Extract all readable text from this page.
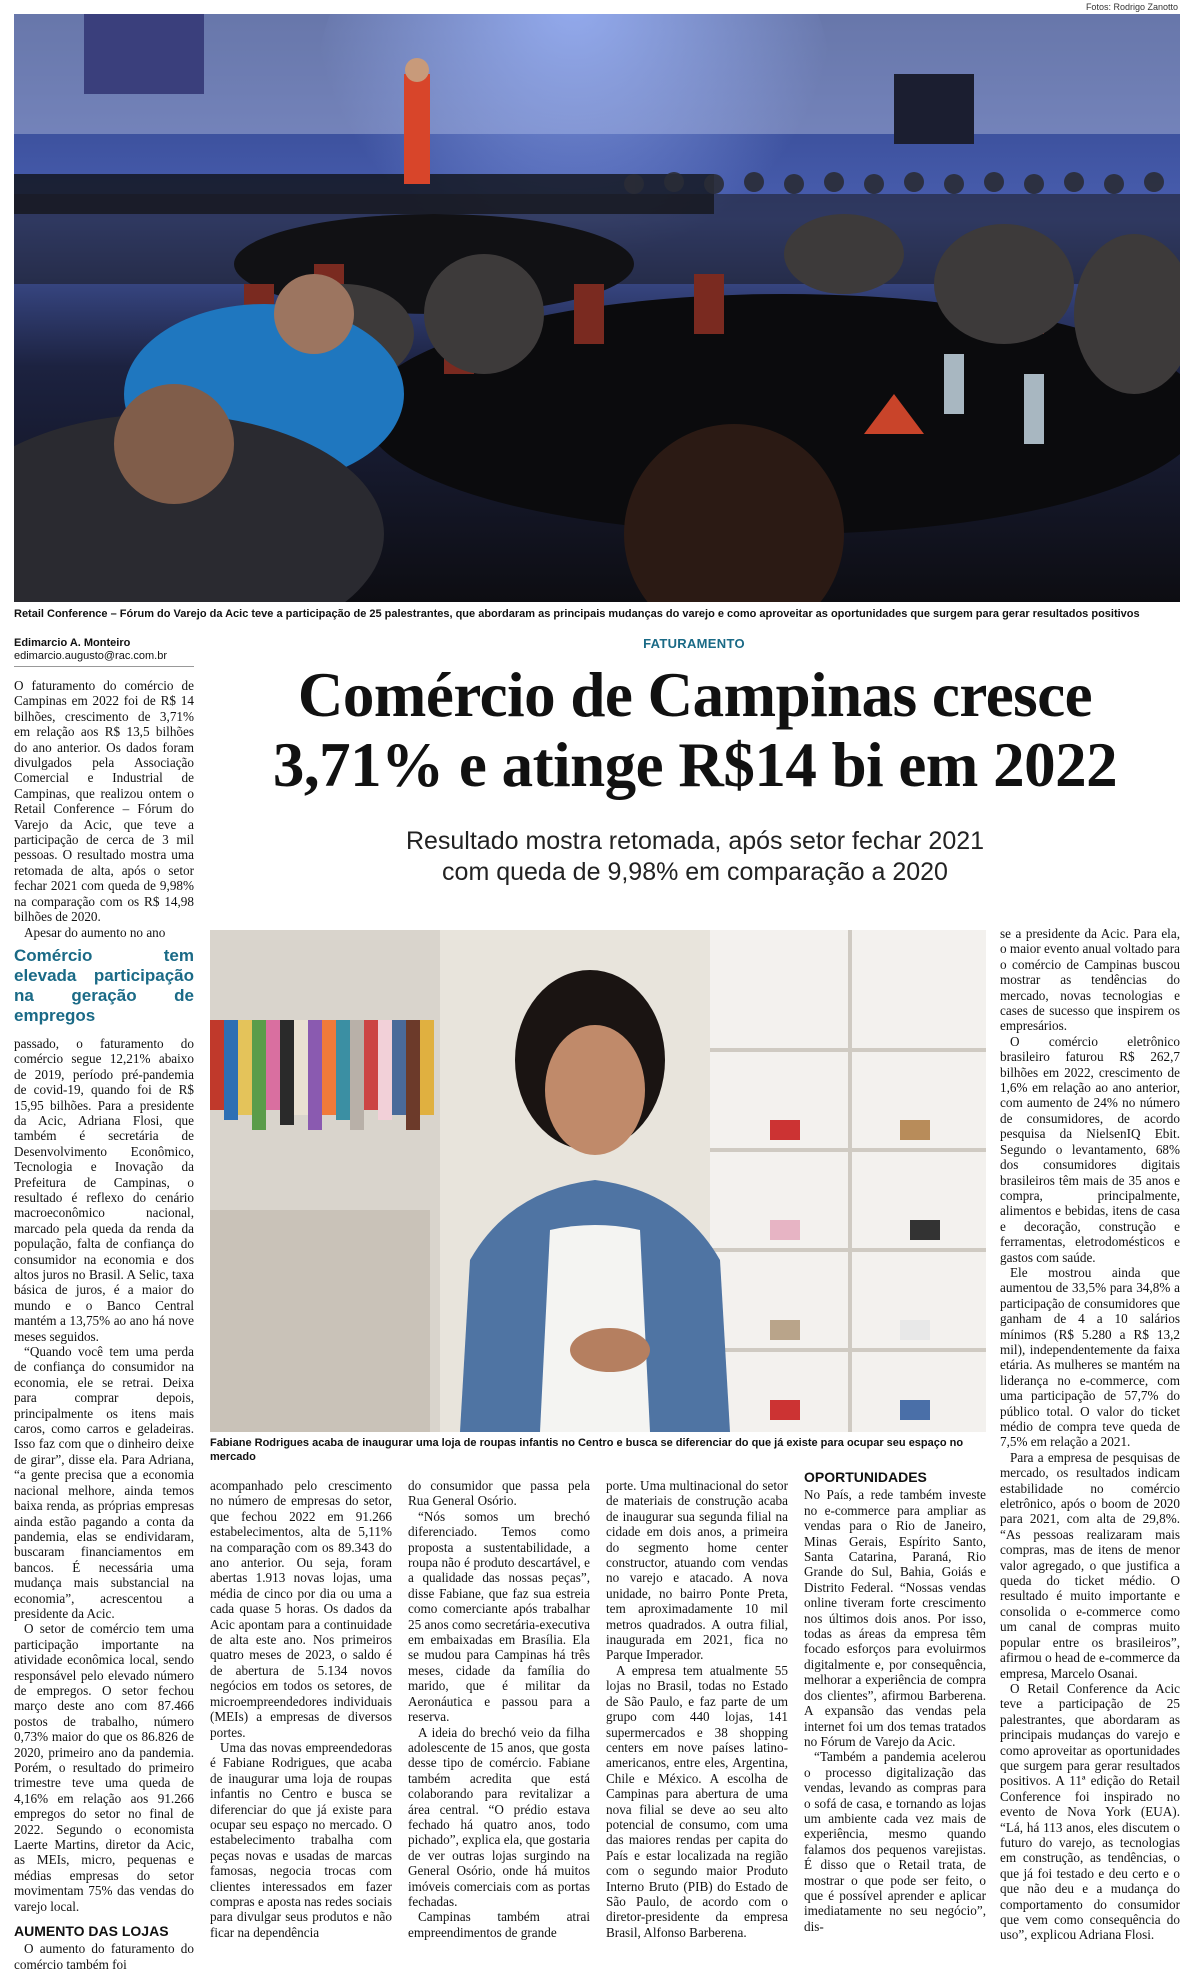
Fotos: Rodrigo Zanotto
Retail Conference – Fórum do Varejo da Acic teve a participação de 25 palestrantes, que abordaram as principais mudanças do varejo e como aproveitar as oportunidades que surgem para gerar resultados positivos
Edimarcio A. Monteiro
edimarcio.augusto@rac.com.br
FATURAMENTO
Comércio de Campinas cresce
3,71% e atinge R$14 bi em 2022
Resultado mostra retomada, após setor fechar 2021
com queda de 9,98% em comparação a 2020
Fabiane Rodrigues acaba de inaugurar uma loja de roupas infantis no Centro e busca se diferenciar do que já existe para ocupar seu espaço no mercado

O faturamento do comércio de Campinas em 2022 foi de R$ 14 bilhões, crescimento de 3,71% em relação aos R$ 13,5 bilhões do ano anterior. Os dados foram divulgados pela Associação Comercial e Industrial de Campinas, que realizou ontem o Retail Conference – Fórum do Varejo da Acic, que teve a participação de cerca de 3 mil pessoas. O resultado mostra uma retomada de alta, após o setor fechar 2021 com queda de 9,98% na comparação com os R$ 14,98 bilhões de 2020.

Apesar do aumento no ano

Comércio tem elevada participação na geração de empregos

passado, o faturamento do comércio segue 12,21% abaixo de 2019, período pré-pandemia de covid-19, quando foi de R$ 15,95 bilhões. Para a presidente da Acic, Adriana Flosi, que também é secretária de Desenvolvimento Econômico, Tecnologia e Inovação da Prefeitura de Campinas, o resultado é reflexo do cenário macroeconômico nacional, marcado pela queda da renda da população, falta de confiança do consumidor na economia e dos altos juros no Brasil. A Selic, taxa básica de juros, é a maior do mundo e o Banco Central mantém a 13,75% ao ano há nove meses seguidos.

“Quando você tem uma perda de confiança do consumidor na economia, ele se retrai. Deixa para comprar depois, principalmente os itens mais caros, como carros e geladeiras. Isso faz com que o dinheiro deixe de girar”, disse ela. Para Adriana, “a gente precisa que a economia nacional melhore, ainda temos baixa renda, as próprias empresas ainda estão pagando a conta da pandemia, elas se endividaram, buscaram financiamentos em bancos. É necessária uma mudança mais substancial na economia”, acrescentou a presidente da Acic.

O setor de comércio tem uma participação importante na atividade econômica local, sendo responsável pelo elevado número de empregos. O setor fechou março deste ano com 87.466 postos de trabalho, número 0,73% maior do que os 86.826 de 2020, primeiro ano da pandemia. Porém, o resultado do primeiro trimestre teve uma queda de 4,16% em relação aos 91.266 empregos do setor no final de 2022. Segundo o economista Laerte Martins, diretor da Acic, as MEIs, micro, pequenas e médias empresas do setor movimentam 75% das vendas do varejo local.

AUMENTO DAS LOJAS

O aumento do faturamento do comércio também foi

se a presidente da Acic. Para ela, o maior evento anual voltado para o comércio de Campinas buscou mostrar as tendências do mercado, novas tecnologias e cases de sucesso que inspirem os empresários.

O comércio eletrônico brasileiro faturou R$ 262,7 bilhões em 2022, crescimento de 1,6% em relação ao ano anterior, com aumento de 24% no número de consumidores, de acordo pesquisa da NielsenIQ Ebit. Segundo o levantamento, 68% dos consumidores digitais brasileiros têm mais de 35 anos e compra, principalmente, alimentos e bebidas, itens de casa e decoração, construção e ferramentas, eletrodomésticos e gastos com saúde.

Ele mostrou ainda que aumentou de 33,5% para 34,8% a participação de consumidores que ganham de 4 a 10 salários mínimos (R$ 5.280 a R$ 13,2 mil), independentemente da faixa etária. As mulheres se mantém na liderança no e-commerce, com uma participação de 57,7% do público total. O valor do ticket médio de compra teve queda de 7,5% em relação a 2021.

Para a empresa de pesquisas de mercado, os resultados indicam estabilidade no comércio eletrônico, após o boom de 2020 para 2021, com alta de 29,8%. “As pessoas realizaram mais compras, mas de itens de menor valor agregado, o que justifica a queda do ticket médio. O resultado é muito importante e consolida o e-commerce como um canal de compras muito popular entre os brasileiros”, afirmou o head de e-commerce da empresa, Marcelo Osanai.

O Retail Conference da Acic teve a participação de 25 palestrantes, que abordaram as principais mudanças do varejo e como aproveitar as oportunidades que surgem para gerar resultados positivos. A 11ª edição do Retail Conference foi inspirado no evento de Nova York (EUA). “Lá, há 113 anos, eles discutem o futuro do varejo, as tecnologias em construção, as tendências, o que já foi testado e deu certo e o que não deu e a mudança do comportamento do consumidor que vem como consequência do uso”, explicou Adriana Flosi.

acompanhado pelo crescimento no número de empresas do setor, que fechou 2022 em 91.266 estabelecimentos, alta de 5,11% na comparação com os 89.343 do ano anterior. Ou seja, foram abertas 1.913 novas lojas, uma média de cinco por dia ou uma a cada quase 5 horas. Os dados da Acic apontam para a continuidade de alta este ano. Nos primeiros quatro meses de 2023, o saldo é de abertura de 5.134 novos negócios em todos os setores, de microempreendedores individuais (MEIs) a empresas de diversos portes.

Uma das novas empreendedoras é Fabiane Rodrigues, que acaba de inaugurar uma loja de roupas infantis no Centro e busca se diferenciar do que já existe para ocupar seu espaço no mercado. O estabelecimento trabalha com peças novas e usadas de marcas famosas, negocia trocas com clientes interessados em fazer compras e aposta nas redes sociais para divulgar seus produtos e não ficar na dependência

do consumidor que passa pela Rua General Osório.

“Nós somos um brechó diferenciado. Temos como proposta a sustentabilidade, a roupa não é produto descartável, e a qualidade das nossas peças”, disse Fabiane, que faz sua estreia como comerciante após trabalhar 25 anos como secretária-executiva em embaixadas em Brasília. Ela se mudou para Campinas há três meses, cidade da família do marido, que é militar da Aeronáutica e passou para a reserva.

A ideia do brechó veio da filha adolescente de 15 anos, que gosta desse tipo de comércio. Fabiane também acredita que está colaborando para revitalizar a área central. “O prédio estava fechado há quatro anos, todo pichado”, explica ela, que gostaria de ver outras lojas surgindo na General Osório, onde há muitos imóveis comerciais com as portas fechadas.

Campinas também atrai empreendimentos de grande

porte. Uma multinacional do setor de materiais de construção acaba de inaugurar sua segunda filial na cidade em dois anos, a primeira do segmento home center constructor, atuando com vendas no varejo e atacado. A nova unidade, no bairro Ponte Preta, tem aproximadamente 10 mil metros quadrados. A outra filial, inaugurada em 2021, fica no Parque Imperador.

A empresa tem atualmente 55 lojas no Brasil, todas no Estado de São Paulo, e faz parte de um grupo com 440 lojas, 141 supermercados e 38 shopping centers em nove países latino-americanos, entre eles, Argentina, Chile e México. A escolha de Campinas para abertura de uma nova filial se deve ao seu alto potencial de consumo, com uma das maiores rendas per capita do País e estar localizada na região com o segundo maior Produto Interno Bruto (PIB) do Estado de São Paulo, de acordo com o diretor-presidente da empresa Brasil, Alfonso Barberena.

OPORTUNIDADES

No País, a rede também investe no e-commerce para ampliar as vendas para o Rio de Janeiro, Minas Gerais, Espírito Santo, Santa Catarina, Paraná, Rio Grande do Sul, Bahia, Goiás e Distrito Federal. “Nossas vendas online tiveram forte crescimento nos últimos dois anos. Por isso, todas as áreas da empresa têm focado esforços para evoluirmos digitalmente e, por consequência, melhorar a experiência de compra dos clientes”, afirmou Barberena. A expansão das vendas pela internet foi um dos temas tratados no Fórum de Varejo da Acic.

“Também a pandemia acelerou o processo digitalização das vendas, levando as compras para o sofá de casa, e tornando as lojas um ambiente cada vez mais de experiência, mesmo quando falamos dos pequenos varejistas. É disso que o Retail trata, de mostrar o que pode ser feito, o que é possível aprender e aplicar imediatamente no seu negócio”, dis-
